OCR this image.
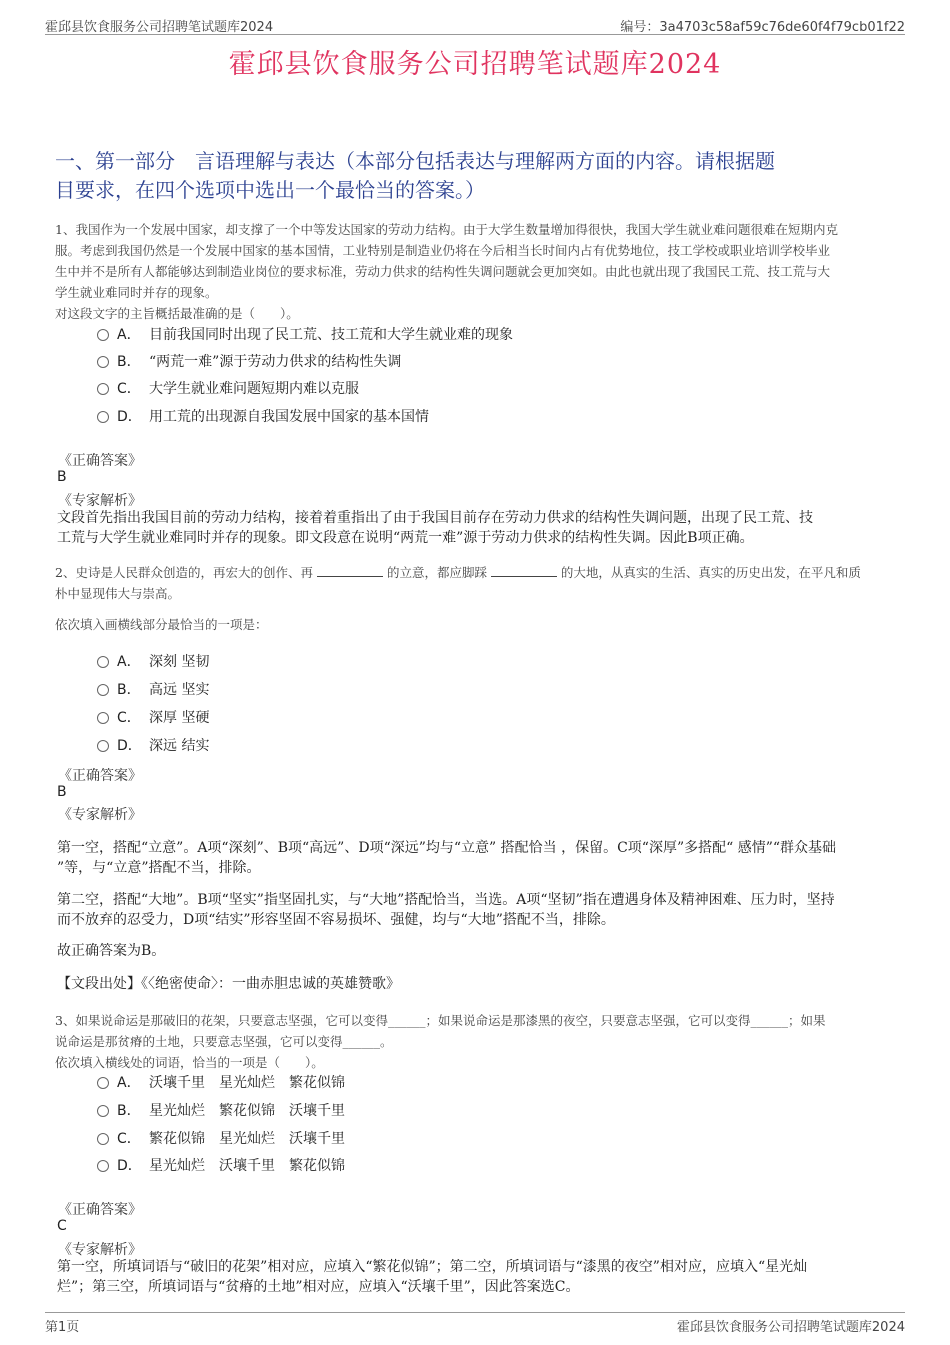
霍邱县饮食服务公司招聘笔试题库2024	编号：3a4703c58af59c76de60f4f79cb01f22
霍邱县饮食服务公司招聘笔试题库2024
一、第一部分　言语理解与表达（本部分包括表达与理解两方面的内容。请根据题
目要求，在四个选项中选出一个最恰当的答案。）
1、我国作为一个发展中国家，却支撑了一个中等发达国家的劳动力结构。由于大学生数量增加得很快，我国大学生就业难问题很难在短期内克
服。考虑到我国仍然是一个发展中国家的基本国情，工业特别是制造业仍将在今后相当长时间内占有优势地位，技工学校或职业培训学校毕业
生中并不是所有人都能够达到制造业岗位的要求标准，劳动力供求的结构性失调问题就会更加突如。由此也就出现了我国民工荒、技工荒与大
学生就业难同时并存的现象。
对这段文字的主旨概括最准确的是（　　）。
A． 目前我国同时出现了民工荒、技工荒和大学生就业难的现象
B． “两荒一难”源于劳动力供求的结构性失调
C． 大学生就业难问题短期内难以克服
D． 用工荒的出现源自我国发展中国家的基本国情
《正确答案》
B
《专家解析》
文段首先指出我国目前的劳动力结构，接着着重指出了由于我国目前存在劳动力供求的结构性失调问题，出现了民工荒、技
工荒与大学生就业难同时并存的现象。即文段意在说明“两荒一难”源于劳动力供求的结构性失调。因此B项正确。
2、史诗是人民群众创造的，再宏大的创作、再	的立意，都应脚踩	的大地，从真实的生活、真实的历史出发，在平凡和质
朴中显现伟大与崇高。
依次填入画横线部分最恰当的一项是：
A． 深刻 坚韧
B． 高远 坚实
C． 深厚 坚硬
D． 深远 结实
《正确答案》
B
《专家解析》
第一空，搭配“立意”。A项“深刻”、B项“高远”、D项“深远”均与“立意” 搭配恰当 ，保留。C项“深厚”多搭配“ 感情”“群众基础
”等，与“立意”搭配不当，排除。
第二空，搭配“大地”。B项“坚实”指坚固扎实，与“大地”搭配恰当，当选。A项“坚韧”指在遭遇身体及精神困难、压力时，坚持
而不放弃的忍受力，D项“结实”形容坚固不容易损坏、强健，均与“大地”搭配不当，排除。
故正确答案为B。
【文段出处】《〈绝密使命〉：一曲赤胆忠诚的英雄赞歌》
3、如果说命运是那破旧的花架，只要意志坚强，它可以变得______；如果说命运是那漆黑的夜空，只要意志坚强，它可以变得______；如果
说命运是那贫瘠的土地，只要意志坚强，它可以变得______。
依次填入横线处的词语，恰当的一项是（　　）。
A． 沃壤千里　星光灿烂　繁花似锦
B． 星光灿烂　繁花似锦　沃壤千里
C． 繁花似锦　星光灿烂　沃壤千里
D． 星光灿烂　沃壤千里　繁花似锦
《正确答案》
C
《专家解析》
第一空，所填词语与“破旧的花架”相对应，应填入“繁花似锦”；第二空，所填词语与“漆黑的夜空”相对应，应填入“星光灿
烂”；第三空，所填词语与“贫瘠的土地”相对应，应填入“沃壤千里”，因此答案选C。
第1页	霍邱县饮食服务公司招聘笔试题库2024
